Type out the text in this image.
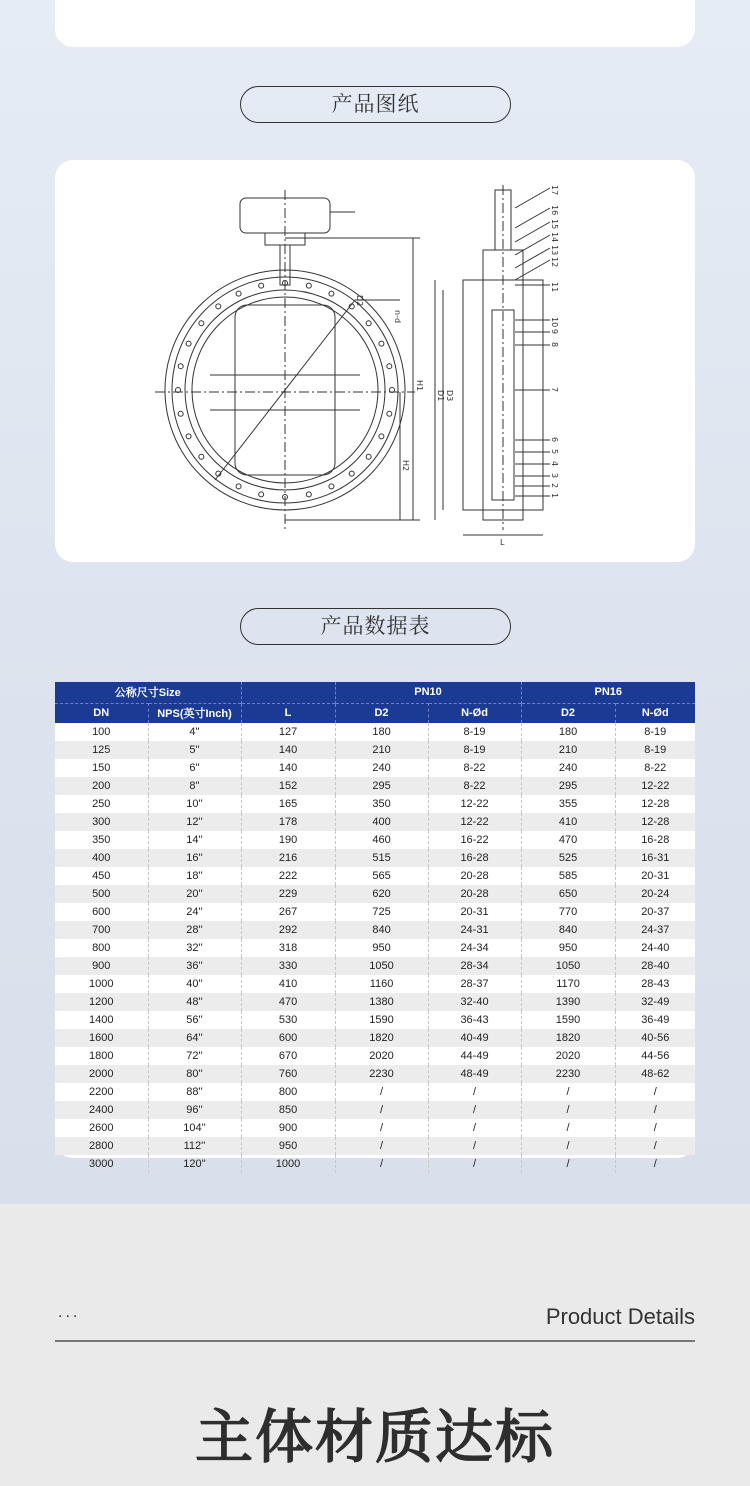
产品图纸
17
16
15
14
13
12
11
10
9
8
7
6
5
4
3
2
1
D2
n-d
H1
H2
D3
D1
L
产品数据表
公称尺寸Size			PN10		PN16	
DN	NPS(英寸Inch)	L	D2	N-Ød	D2	N-Ød
100	4''	127	180	8-19	180	8-19
125	5''	140	210	8-19	210	8-19
150	6''	140	240	8-22	240	8-22
200	8''	152	295	8-22	295	12-22
250	10''	165	350	12-22	355	12-28
300	12''	178	400	12-22	410	12-28
350	14''	190	460	16-22	470	16-28
400	16''	216	515	16-28	525	16-31
450	18''	222	565	20-28	585	20-31
500	20''	229	620	20-28	650	20-24
600	24''	267	725	20-31	770	20-37
700	28''	292	840	24-31	840	24-37
800	32''	318	950	24-34	950	24-40
900	36''	330	1050	28-34	1050	28-40
1000	40''	410	1160	28-37	1170	28-43
1200	48''	470	1380	32-40	1390	32-49
1400	56''	530	1590	36-43	1590	36-49
1600	64''	600	1820	40-49	1820	40-56
1800	72''	670	2020	44-49	2020	44-56
2000	80''	760	2230	48-49	2230	48-62
2200	88''	800	/	/	/	/
2400	96''	850	/	/	/	/
2600	104''	900	/	/	/	/
2800	112''	950	/	/	/	/
3000	120''	1000	/	/	/	/
...	Product Details
主体材质达标
